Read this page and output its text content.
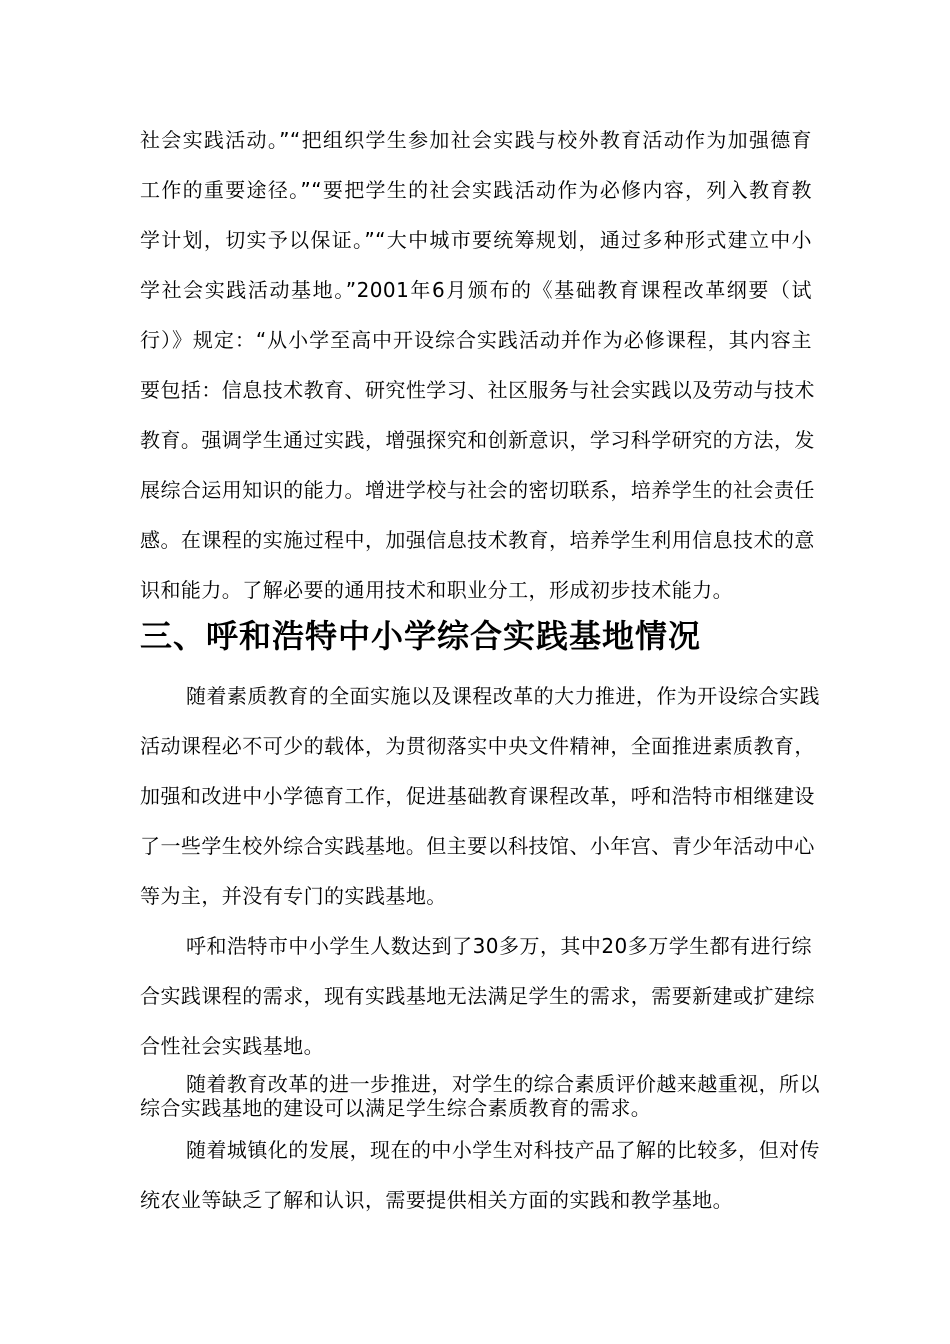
社会实践活动。”“把组织学生参加社会实践与校外教育活动作为加强德育
工作的重要途径。”“要把学生的社会实践活动作为必修内容，列入教育教
学计划，切实予以保证。”“大中城市要统筹规划，通过多种形式建立中小
学社会实践活动基地。”2001年6月颁布的《基础教育课程改革纲要（试
行）》规定：“从小学至高中开设综合实践活动并作为必修课程，其内容主
要包括：信息技术教育、研究性学习、社区服务与社会实践以及劳动与技术
教育。强调学生通过实践，增强探究和创新意识，学习科学研究的方法，发
展综合运用知识的能力。增进学校与社会的密切联系，培养学生的社会责任
感。在课程的实施过程中，加强信息技术教育，培养学生利用信息技术的意
识和能力。了解必要的通用技术和职业分工，形成初步技术能力。
三、呼和浩特中小学综合实践基地情况
随着素质教育的全面实施以及课程改革的大力推进，作为开设综合实践
活动课程必不可少的载体，为贯彻落实中央文件精神，全面推进素质教育，
加强和改进中小学德育工作，促进基础教育课程改革，呼和浩特市相继建设
了一些学生校外综合实践基地。但主要以科技馆、小年宫、青少年活动中心
等为主，并没有专门的实践基地。
呼和浩特市中小学生人数达到了30多万，其中20多万学生都有进行综
合实践课程的需求，现有实践基地无法满足学生的需求，需要新建或扩建综
合性社会实践基地。
随着教育改革的进一步推进，对学生的综合素质评价越来越重视，所以
综合实践基地的建设可以满足学生综合素质教育的需求。
随着城镇化的发展，现在的中小学生对科技产品了解的比较多，但对传
统农业等缺乏了解和认识，需要提供相关方面的实践和教学基地。
